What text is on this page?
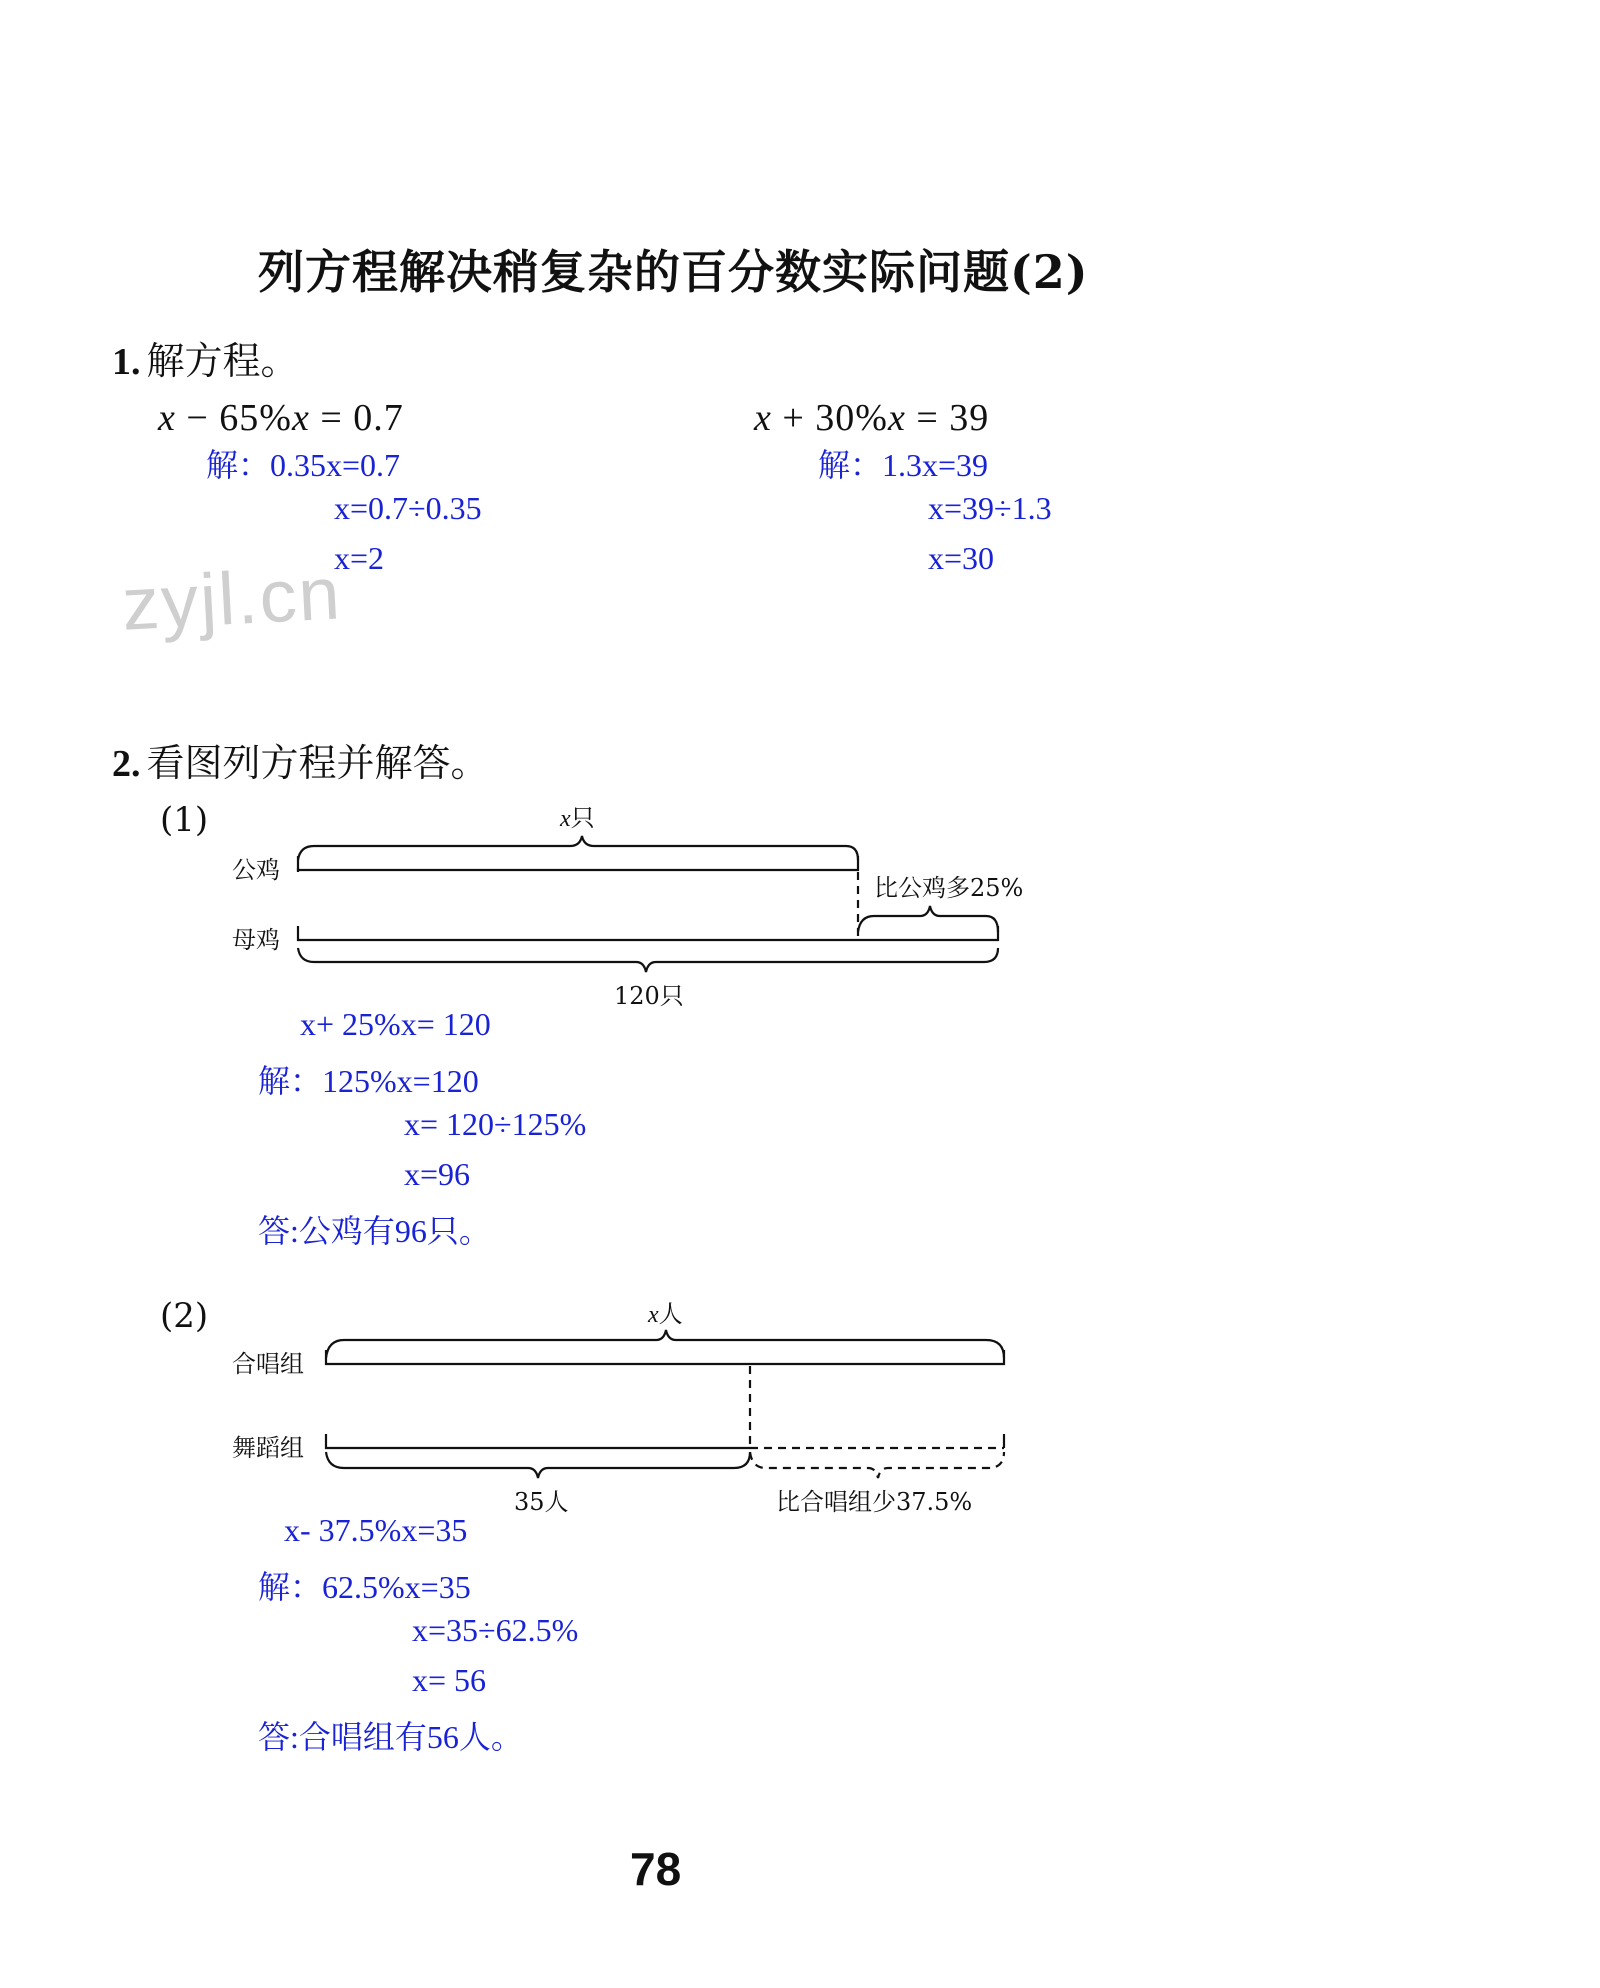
列方程解决稍复杂的百分数实际问题(2)
1. 解方程。
x − 65%x = 0.7
解：0.35x=0.7
x=0.7÷0.35
x=2
x + 30%x = 39
解：1.3x=39
x=39÷1.3
x=30
zyjl.cn
2. 看图列方程并解答。
(1)
公鸡
母鸡
x只
比公鸡多25%
120只
x+ 25%x= 120
解：125%x=120
x= 120÷125%
x=96
答:公鸡有96只。
(2)
合唱组
舞蹈组
x人
35人	比合唱组少37.5%
x- 37.5%x=35
解：62.5%x=35
x=35÷62.5%
x= 56
答:合唱组有56人。
78
